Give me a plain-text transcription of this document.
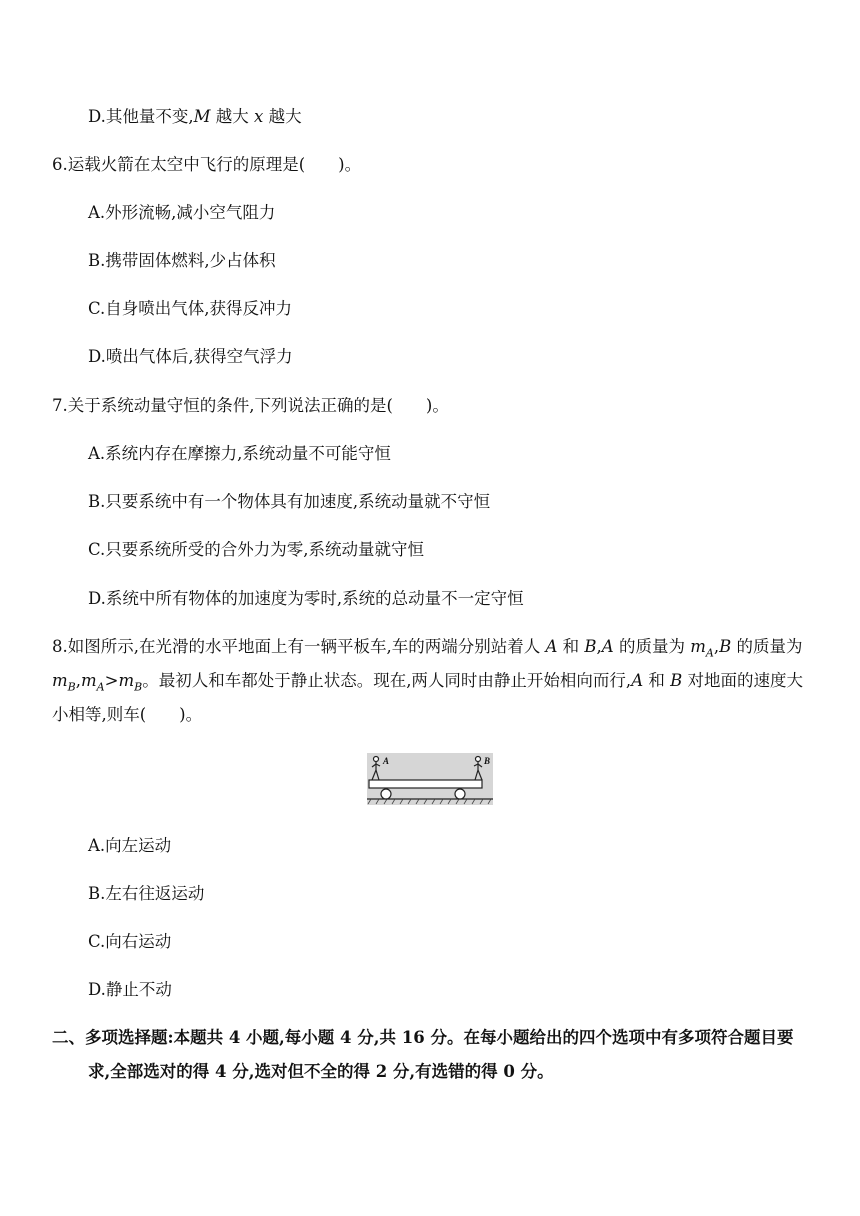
D.其他量不变,M 越大 x 越大
6.运载火箭在太空中飞行的原理是(　　)。
A.外形流畅,减小空气阻力
B.携带固体燃料,少占体积
C.自身喷出气体,获得反冲力
D.喷出气体后,获得空气浮力
7.关于系统动量守恒的条件,下列说法正确的是(　　)。
A.系统内存在摩擦力,系统动量不可能守恒
B.只要系统中有一个物体具有加速度,系统动量就不守恒
C.只要系统所受的合外力为零,系统动量就守恒
D.系统中所有物体的加速度为零时,系统的总动量不一定守恒
8.如图所示,在光滑的水平地面上有一辆平板车,车的两端分别站着人 A 和 B,A 的质量为 $m_A,B$ 的质量为
$m_B,m_A>m_B$。最初人和车都处于静止状态。现在,两人同时由静止开始相向而行,A 和 B 对地面的速度大
小相等,则车(　　)。
A	B
A.向左运动
B.左右往返运动
C.向右运动
D.静止不动
二、多项选择题:本题共 4 小题,每小题 4 分,共 16 分。在每小题给出的四个选项中有多项符合题目要
求,全部选对的得 4 分,选对但不全的得 2 分,有选错的得 0 分。
